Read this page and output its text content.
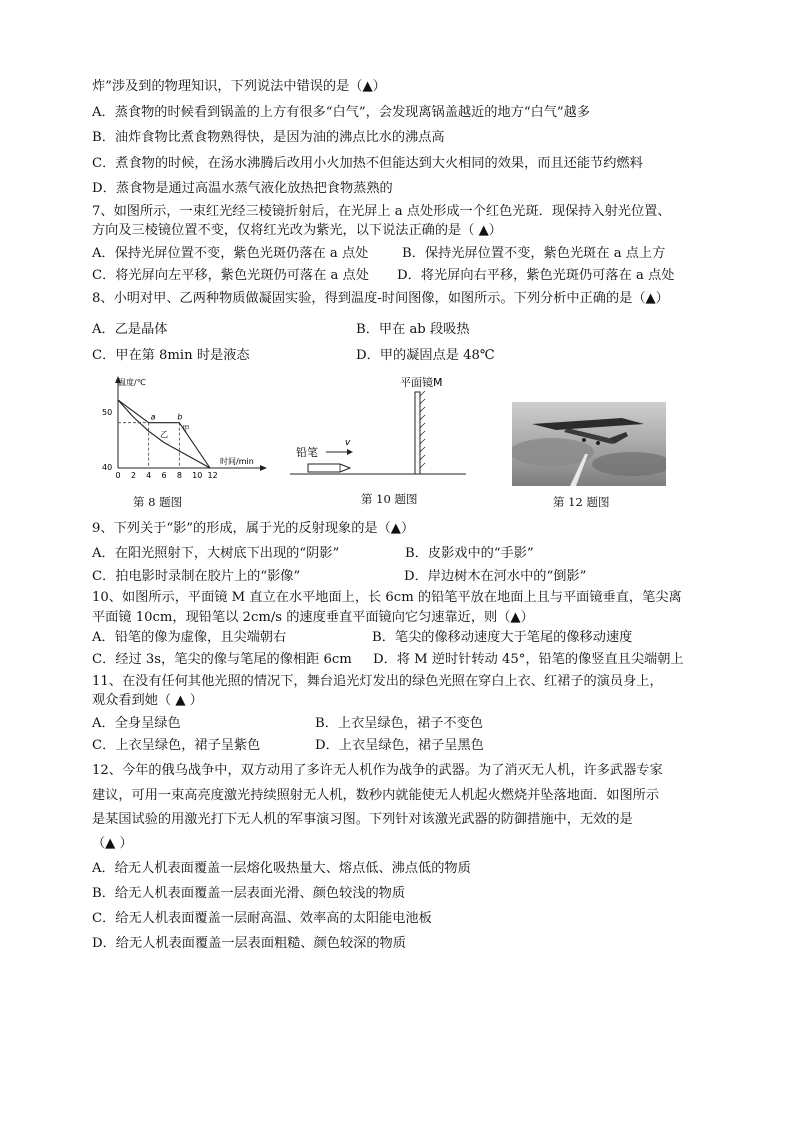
炸”涉及到的物理知识，下列说法中错误的是（▲）
A．蒸食物的时候看到锅盖的上方有很多“白气”，会发现离锅盖越近的地方“白气”越多
B．油炸食物比煮食物熟得快，是因为油的沸点比水的沸点高
C．煮食物的时候，在汤水沸腾后改用小火加热不但能达到大火相同的效果，而且还能节约燃料
D．蒸食物是通过高温水蒸气液化放热把食物蒸熟的
7、如图所示，一束红光经三棱镜折射后，在光屏上 a 点处形成一个红色光斑．现保持入射光位置、
方向及三棱镜位置不变，仅将红光改为紫光，以下说法正确的是（ ▲）
A．保持光屏位置不变，紫色光斑仍落在 a 点处	B．保持光屏位置不变，紫色光斑在 a 点上方
C．将光屏向左平移，紫色光斑仍可落在 a 点处 D．将光屏向右平移，紫色光斑仍可落在 a 点处
8、小明对甲、乙两种物质做凝固实验，得到温度-时间图像，如图所示。下列分析中正确的是（▲）
A．乙是晶体	B．甲在 ab 段吸热
C．甲在第 8min 时是液态	D．甲的凝固点是 48℃
温度/℃
时间/min
50
40
0 2 4 6 8 10 12
a	b
甲
乙
第 8 题图
平面镜M
铅笔
v
第 10 题图	第 12 题图
9、下列关于“影”的形成，属于光的反射现象的是（▲）
A．在阳光照射下，大树底下出现的“阴影”	B．皮影戏中的“手影”
C．拍电影时录制在胶片上的“影像”	D．岸边树木在河水中的“倒影”
10、如图所示，平面镜 M 直立在水平地面上，长 6cm 的铅笔平放在地面上且与平面镜垂直，笔尖离
平面镜 10cm，现铅笔以 2cm/s 的速度垂直平面镜向它匀速靠近，则（▲）
A．铅笔的像为虚像，且尖端朝右	B．笔尖的像移动速度大于笔尾的像移动速度
C．经过 3s，笔尖的像与笔尾的像相距 6cm D．将 M 逆时针转动 45°，铅笔的像竖直且尖端朝上
11、在没有任何其他光照的情况下，舞台追光灯发出的绿色光照在穿白上衣、红裙子的演员身上，
观众看到她（ ▲ ）
A．全身呈绿色	B．上衣呈绿色，裙子不变色
C．上衣呈绿色，裙子呈紫色	D．上衣呈绿色，裙子呈黑色
12、今年的俄乌战争中，双方动用了多许无人机作为战争的武器。为了消灭无人机，许多武器专家
建议，可用一束高亮度激光持续照射无人机，数秒内就能使无人机起火燃烧并坠落地面．如图所示
是某国试验的用激光打下无人机的军事演习图。下列针对该激光武器的防御措施中，无效的是
（▲ ）
A．给无人机表面覆盖一层熔化吸热量大、熔点低、沸点低的物质
B．给无人机表面覆盖一层表面光滑、颜色较浅的物质
C．给无人机表面覆盖一层耐高温、效率高的太阳能电池板
D．给无人机表面覆盖一层表面粗糙、颜色较深的物质
